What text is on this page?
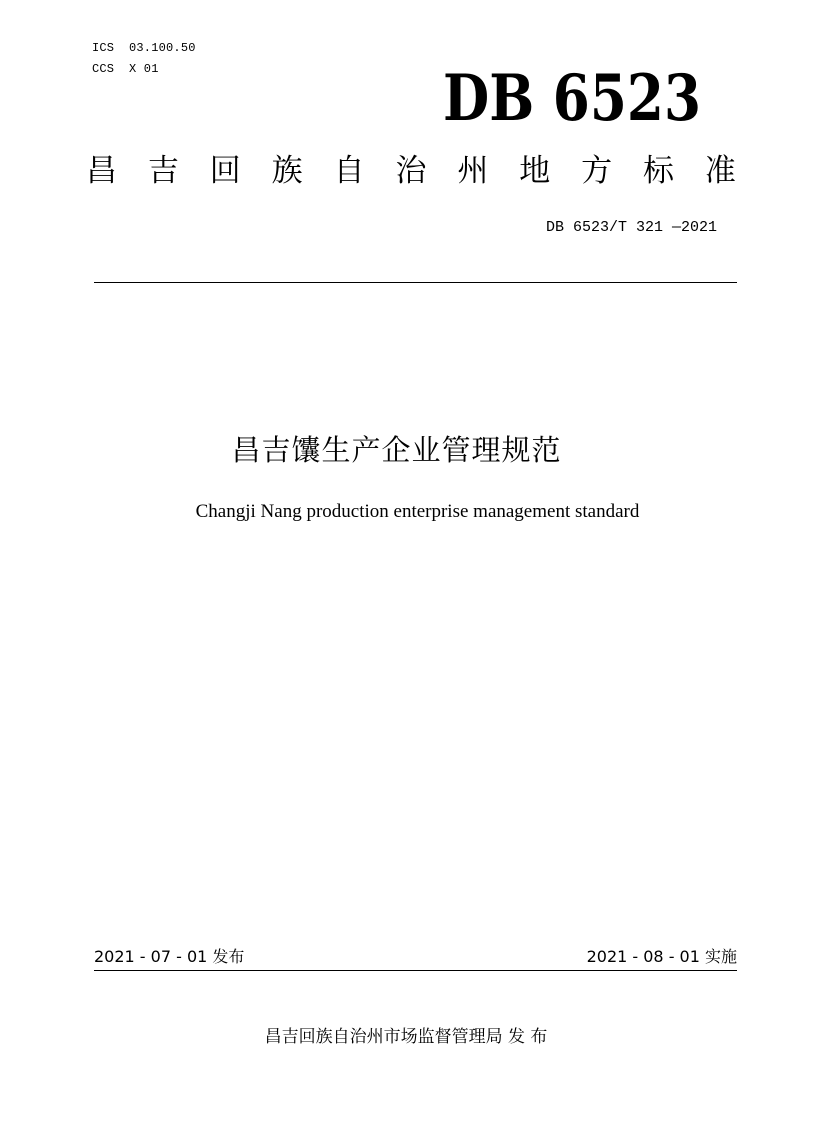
ICS  03.100.50
CCS  X 01	DB 6523
昌 吉 回 族 自 治 州 地 方 标 准
DB 6523/T 321 —2021
昌吉馕生产企业管理规范
Changji Nang production enterprise management standard
2021 - 07 - 01 发布	2021 - 08 - 01 实施
昌吉回族自治州市场监督管理局 发 布
